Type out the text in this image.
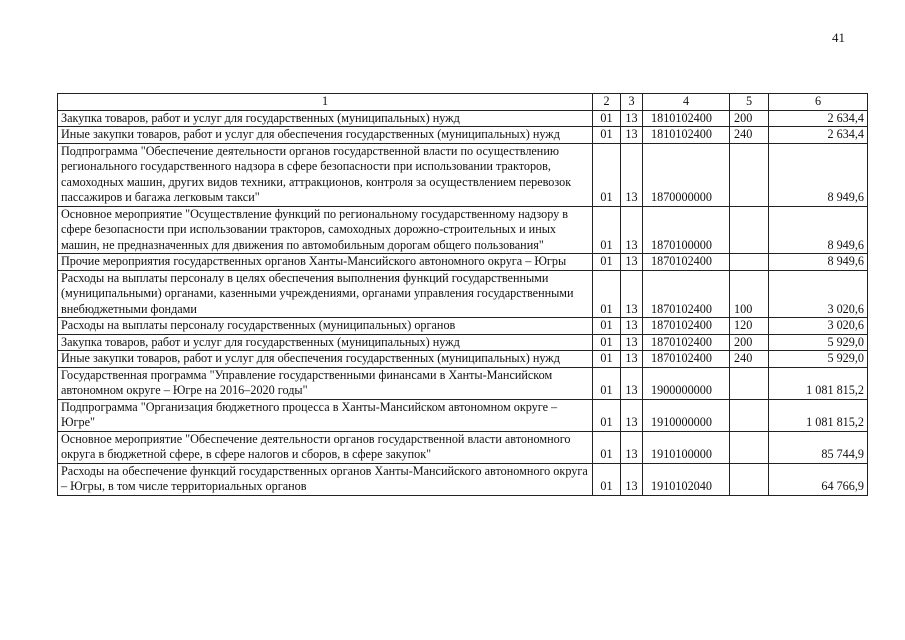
41
1	2	3	4	5	6
Закупка товаров, работ и услуг для государственных (муниципальных) нужд	01	13	1810102400	200	2 634,4
Иные закупки товаров, работ и услуг для обеспечения государственных (муниципальных) нужд	01	13	1810102400	240	2 634,4
Подпрограмма "Обеспечение деятельности органов государственной власти по осуществлению регионального государственного надзора в сфере безопасности при использовании тракторов, самоходных машин, других видов техники, аттракционов, контроля за осуществлением перевозок пассажиров и багажа легковым такси"	01	13	1870000000		8 949,6
Основное мероприятие "Осуществление функций по региональному государственному надзору в сфере безопасности при использовании тракторов, самоходных дорожно-строительных и иных машин, не предназначенных для движения по автомобильным дорогам общего пользования"	01	13	1870100000		8 949,6
Прочие мероприятия государственных органов Ханты-Мансийского автономного округа – Югры	01	13	1870102400		8 949,6
Расходы на выплаты персоналу в целях обеспечения выполнения функций государственными (муниципальными) органами, казенными учреждениями, органами управления государственными внебюджетными фондами	01	13	1870102400	100	3 020,6
Расходы на выплаты персоналу государственных (муниципальных) органов	01	13	1870102400	120	3 020,6
Закупка товаров, работ и услуг для государственных (муниципальных) нужд	01	13	1870102400	200	5 929,0
Иные закупки товаров, работ и услуг для обеспечения государственных (муниципальных) нужд	01	13	1870102400	240	5 929,0
Государственная программа "Управление государственными финансами в Ханты-Мансийском автономном округе – Югре на 2016–2020 годы"	01	13	1900000000		1 081 815,2
Подпрограмма "Организация бюджетного процесса в Ханты-Мансийском автономном округе – Югре"	01	13	1910000000		1 081 815,2
Основное мероприятие "Обеспечение деятельности органов государственной власти автономного округа в бюджетной сфере, в сфере налогов и сборов, в сфере закупок"	01	13	1910100000		85 744,9
Расходы на обеспечение функций государственных органов Ханты-Мансийского автономного округа – Югры, в том числе территориальных органов	01	13	1910102040		64 766,9
